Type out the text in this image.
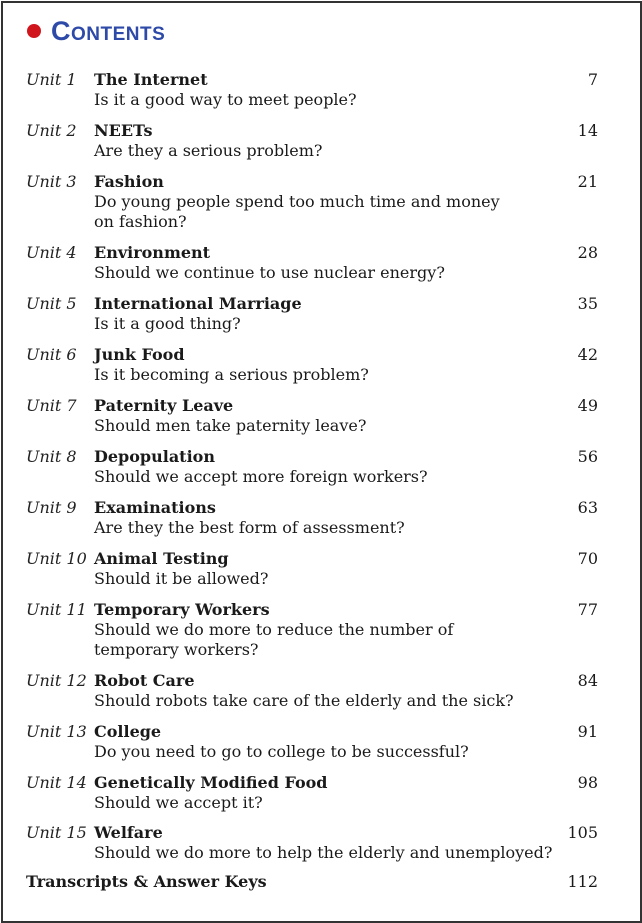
Contents
Unit 1 The Internet
Is it a good way to meet people?
7
Unit 2 NEETs
Are they a serious problem?
14
Unit 3 Fashion
Do young people spend too much time and money on fashion?
21
Unit 4 Environment
Should we continue to use nuclear energy?
28
Unit 5 International Marriage
Is it a good thing?
35
Unit 6 Junk Food
Is it becoming a serious problem?
42
Unit 7 Paternity Leave
Should men take paternity leave?
49
Unit 8 Depopulation
Should we accept more foreign workers?
56
Unit 9 Examinations
Are they the best form of assessment?
63
Unit 10 Animal Testing
Should it be allowed?
70
Unit 11 Temporary Workers
Should we do more to reduce the number of temporary workers?
77
Unit 12 Robot Care
Should robots take care of the elderly and the sick?
84
Unit 13 College
Do you need to go to college to be successful?
91
Unit 14 Genetically Modified Food
Should we accept it?
98
Unit 15 Welfare
Should we do more to help the elderly and unemployed?
105
Transcripts & Answer Keys	112
